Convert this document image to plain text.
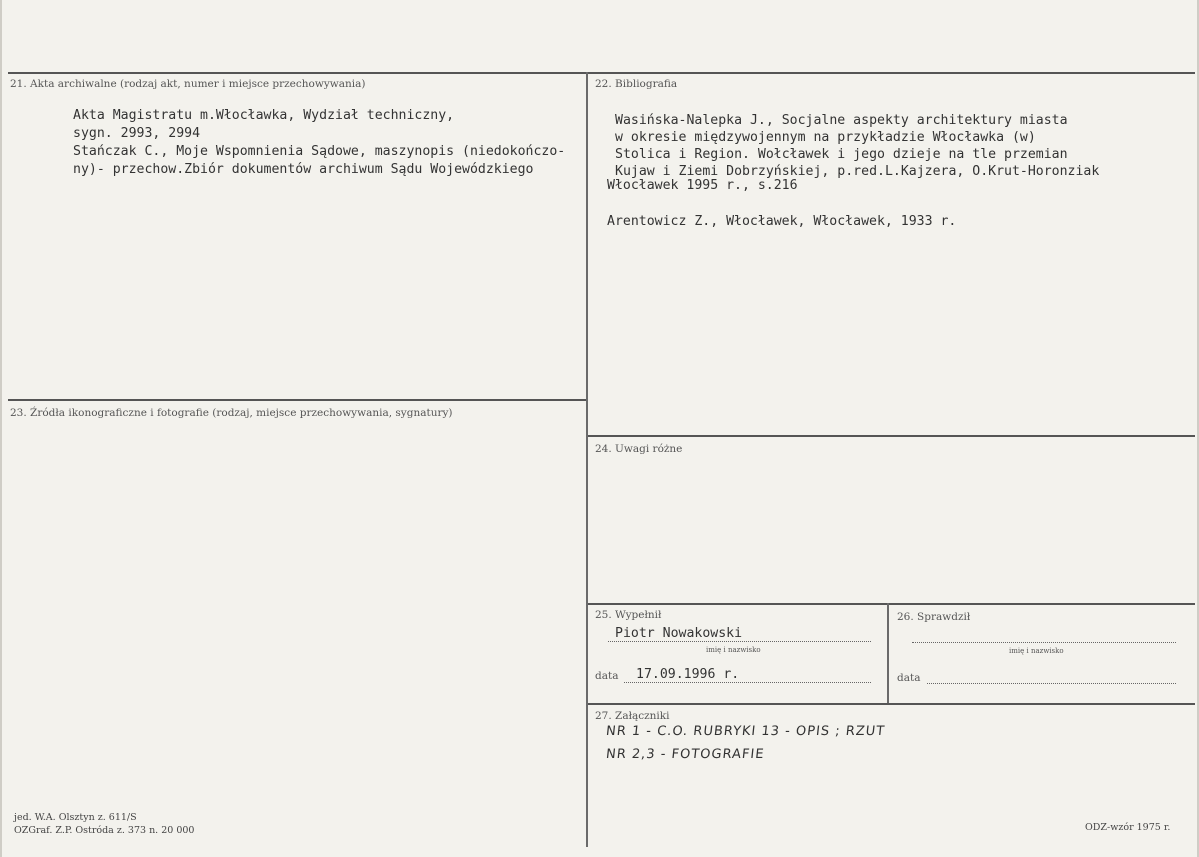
21. Akta archiwalne (rodzaj akt, numer i miejsce przechowywania)
Akta Magistratu m.Włocławka, Wydział techniczny,
sygn. 2993, 2994
Stańczak C., Moje Wspomnienia Sądowe, maszynopis (niedokończo-
ny)- przechow.Zbiór dokumentów archiwum Sądu Wojewódzkiego
22. Bibliografia
Wasińska-Nalepka J., Socjalne aspekty architektury miasta
w okresie międzywojennym na przykładzie Włocławka (w)
Stolica i Region. Wołcławek i jego dzieje na tle przemian
Kujaw i Ziemi Dobrzyńskiej, p.red.L.Kajzera, O.Krut-Horonziak
Włocławek 1995 r., s.216
Arentowicz Z., Włocławek, Włocławek, 1933 r.
23. Źródła ikonograficzne i fotografie (rodzaj, miejsce przechowywania, sygnatury)
24. Uwagi różne
25. Wypełnił
Piotr Nowakowski
imię i nazwisko
data 17.09.1996 r.
26. Sprawdził
imię i nazwisko
data
27. Załączniki
NR 1 - C.O. RUBRYKI 13 - OPIS ; RZUT
NR 2,3 - FOTOGRAFIE
jed. W.A. Olsztyn z. 611/S
OZGraf. Z.P. Ostróda z. 373 n. 20 000	ODZ-wzór 1975 r.
